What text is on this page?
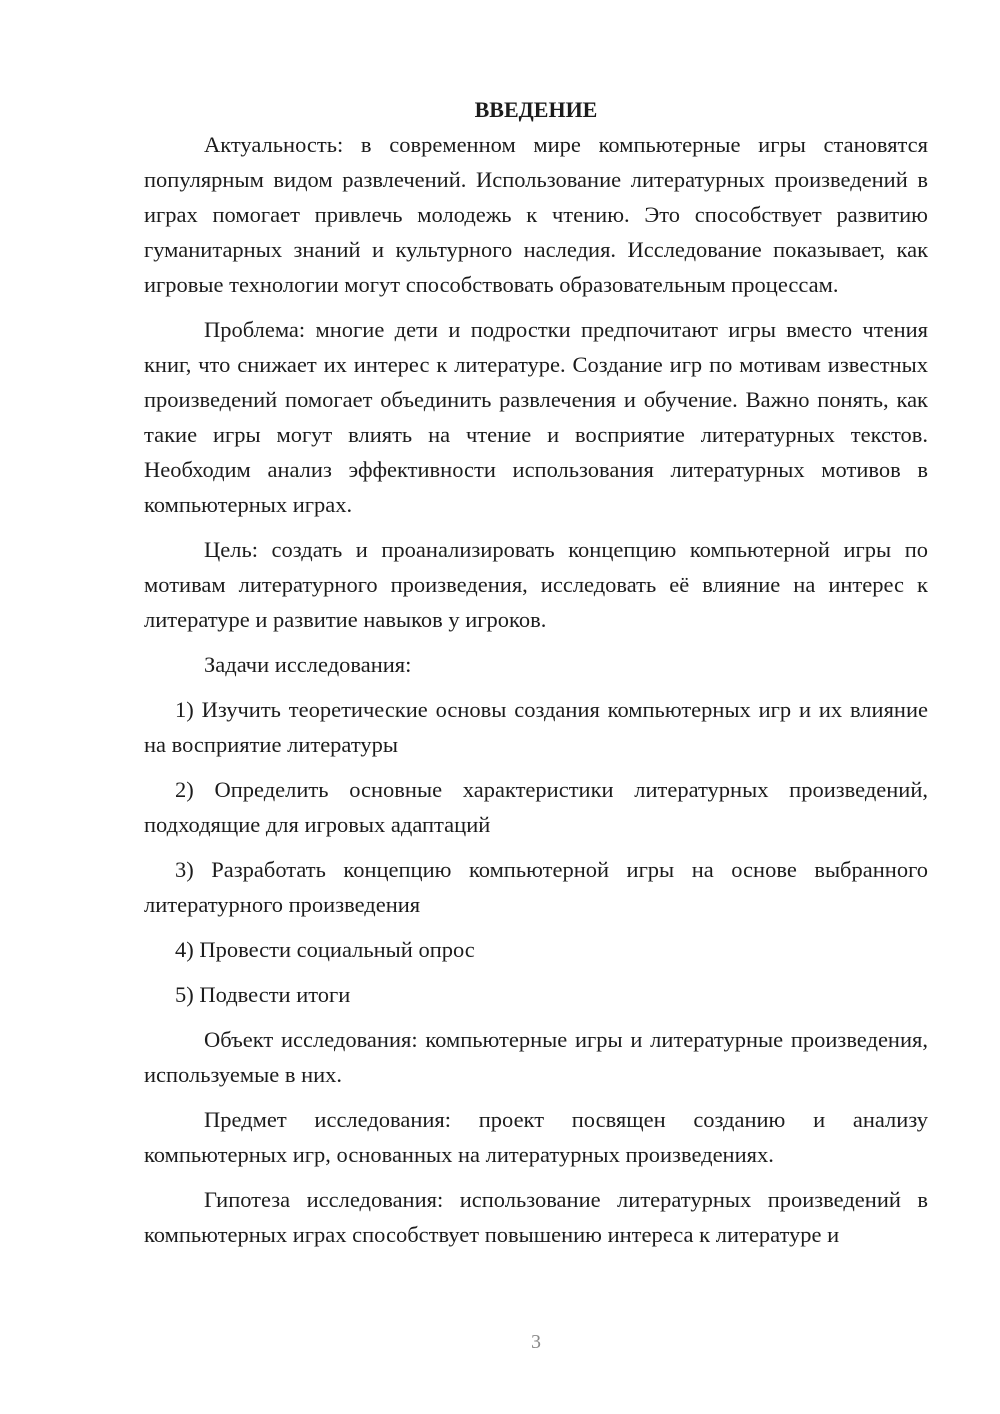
ВВЕДЕНИЕ

Актуальность: в современном мире компьютерные игры становятся популярным видом развлечений. Использование литературных произведений в играх помогает привлечь молодежь к чтению. Это способствует развитию гуманитарных знаний и культурного наследия. Исследование показывает, как игровые технологии могут способствовать образовательным процессам.

Проблема: многие дети и подростки предпочитают игры вместо чтения книг, что снижает их интерес к литературе. Создание игр по мотивам известных произведений помогает объединить развлечения и обучение. Важно понять, как такие игры могут влиять на чтение и восприятие литературных текстов. Необходим анализ эффективности использования литературных мотивов в компьютерных играх.

Цель: создать и проанализировать концепцию компьютерной игры по мотивам литературного произведения, исследовать её влияние на интерес к литературе и развитие навыков у игроков.

Задачи исследования:

1) Изучить теоретические основы создания компьютерных игр и их влияние на восприятие литературы

2) Определить основные характеристики литературных произведений, подходящие для игровых адаптаций

3) Разработать концепцию компьютерной игры на основе выбранного литературного произведения

4) Провести социальный опрос

5) Подвести итоги

Объект исследования: компьютерные игры и литературные произведения, используемые в них.

Предмет исследования: проект посвящен созданию и анализу компьютерных игр, основанных на литературных произведениях.

Гипотеза исследования: использование литературных произведений в компьютерных играх способствует повышению интереса к литературе и

3
